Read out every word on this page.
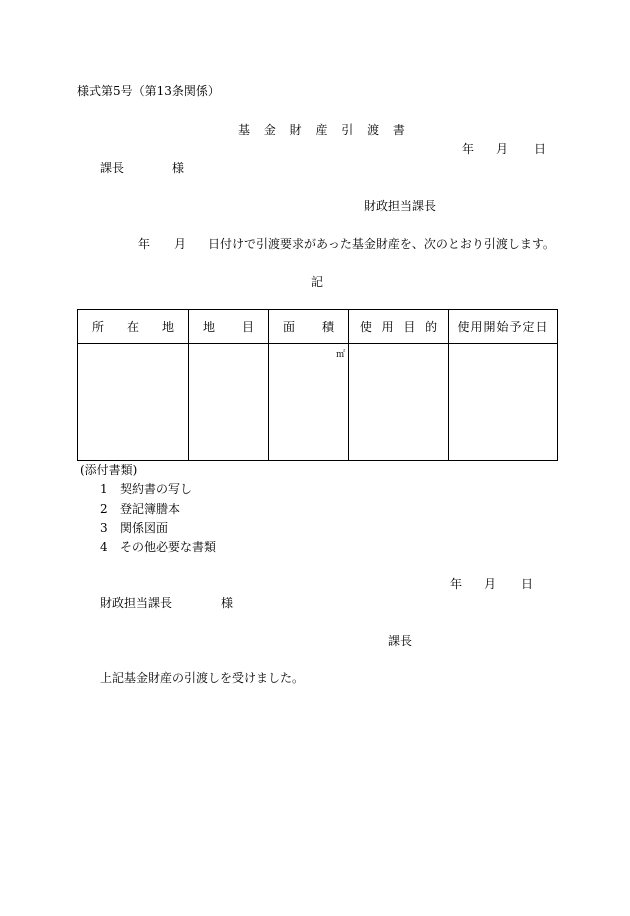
様式第5号（第13条関係）
基 金 財 産 引 渡 書
年 月 日
課長	様
財政担当課長
年 月 日付けで引渡要求があった基金財産を、次のとおり引渡します。
記
所 在 地	地 目	面 積	使 用 目 的	使用開始予定日

		㎡		

(添付書類)
1 契約書の写し
2 登記簿謄本
3 関係図面
4 その他必要な書類
年 月 日
財政担当課長	様
課長
上記基金財産の引渡しを受けました。
